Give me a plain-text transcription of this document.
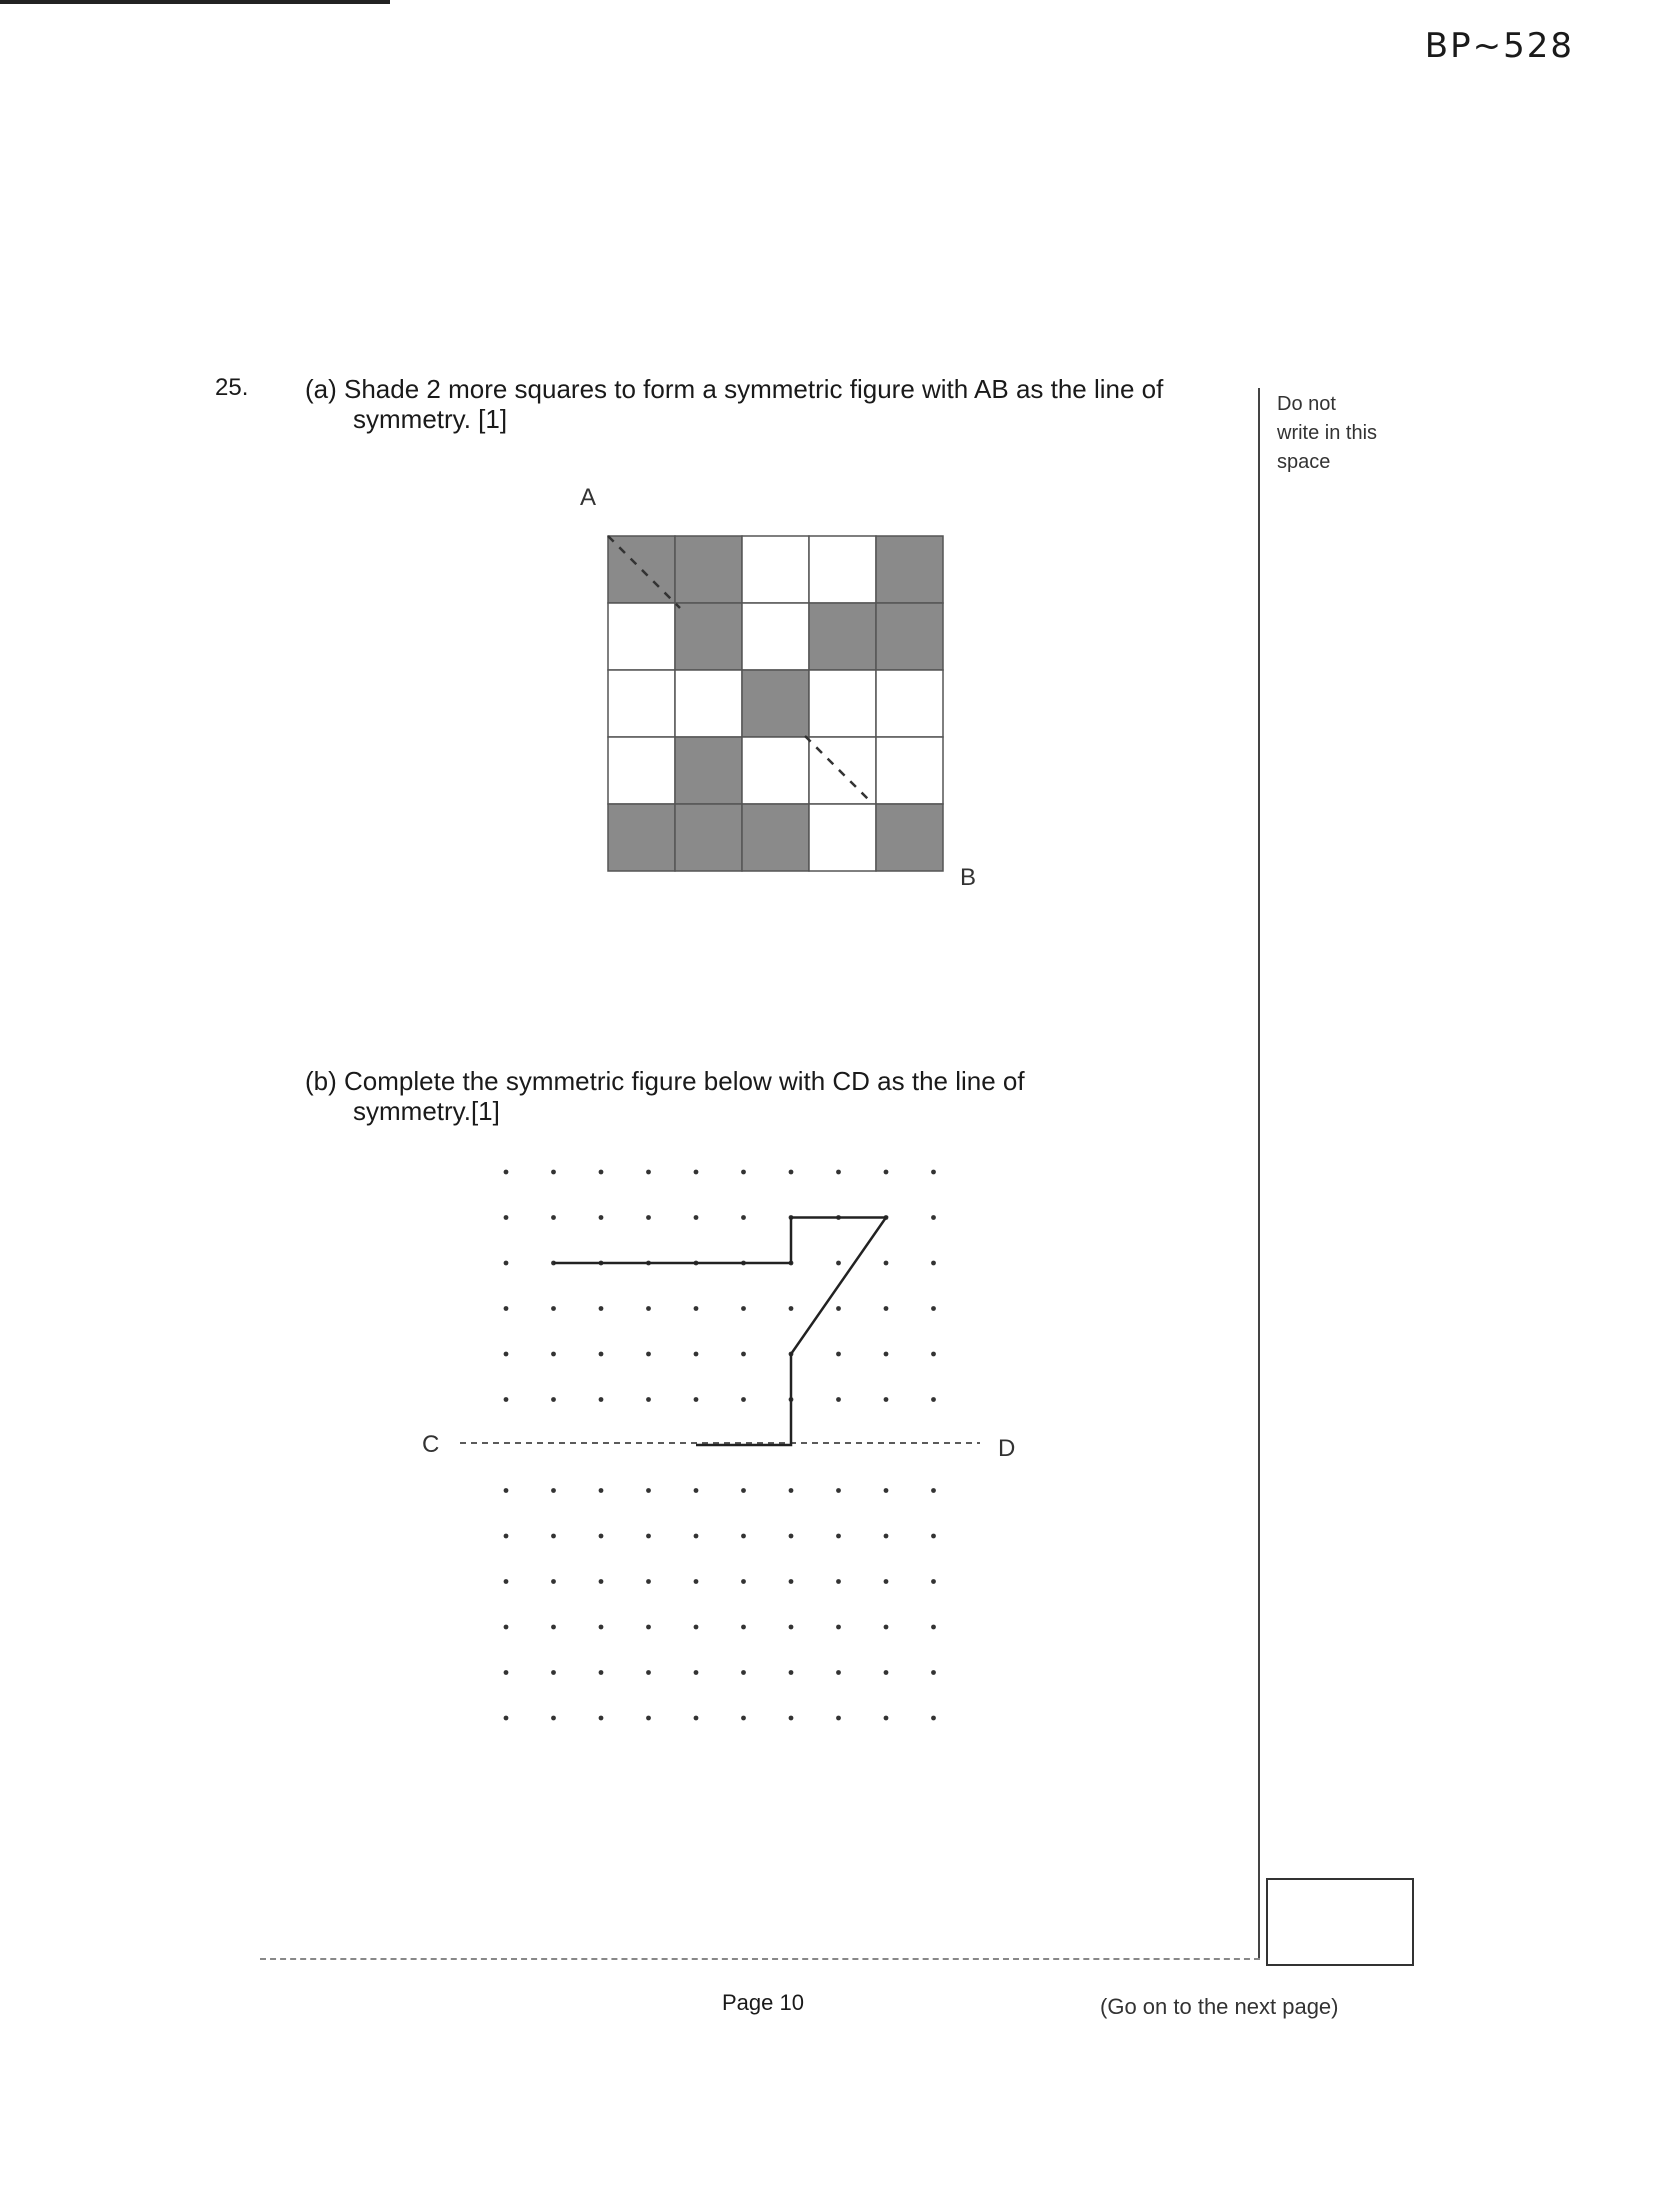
BP~528
25. (a) Shade 2 more squares to form a symmetric figure with AB as the line of
symmetry. [1]
A
B
(b) Complete the symmetric figure below with CD as the line of
symmetry.[1]
C	D
Do not
write in this
space
Page 10	(Go on to the next page)
